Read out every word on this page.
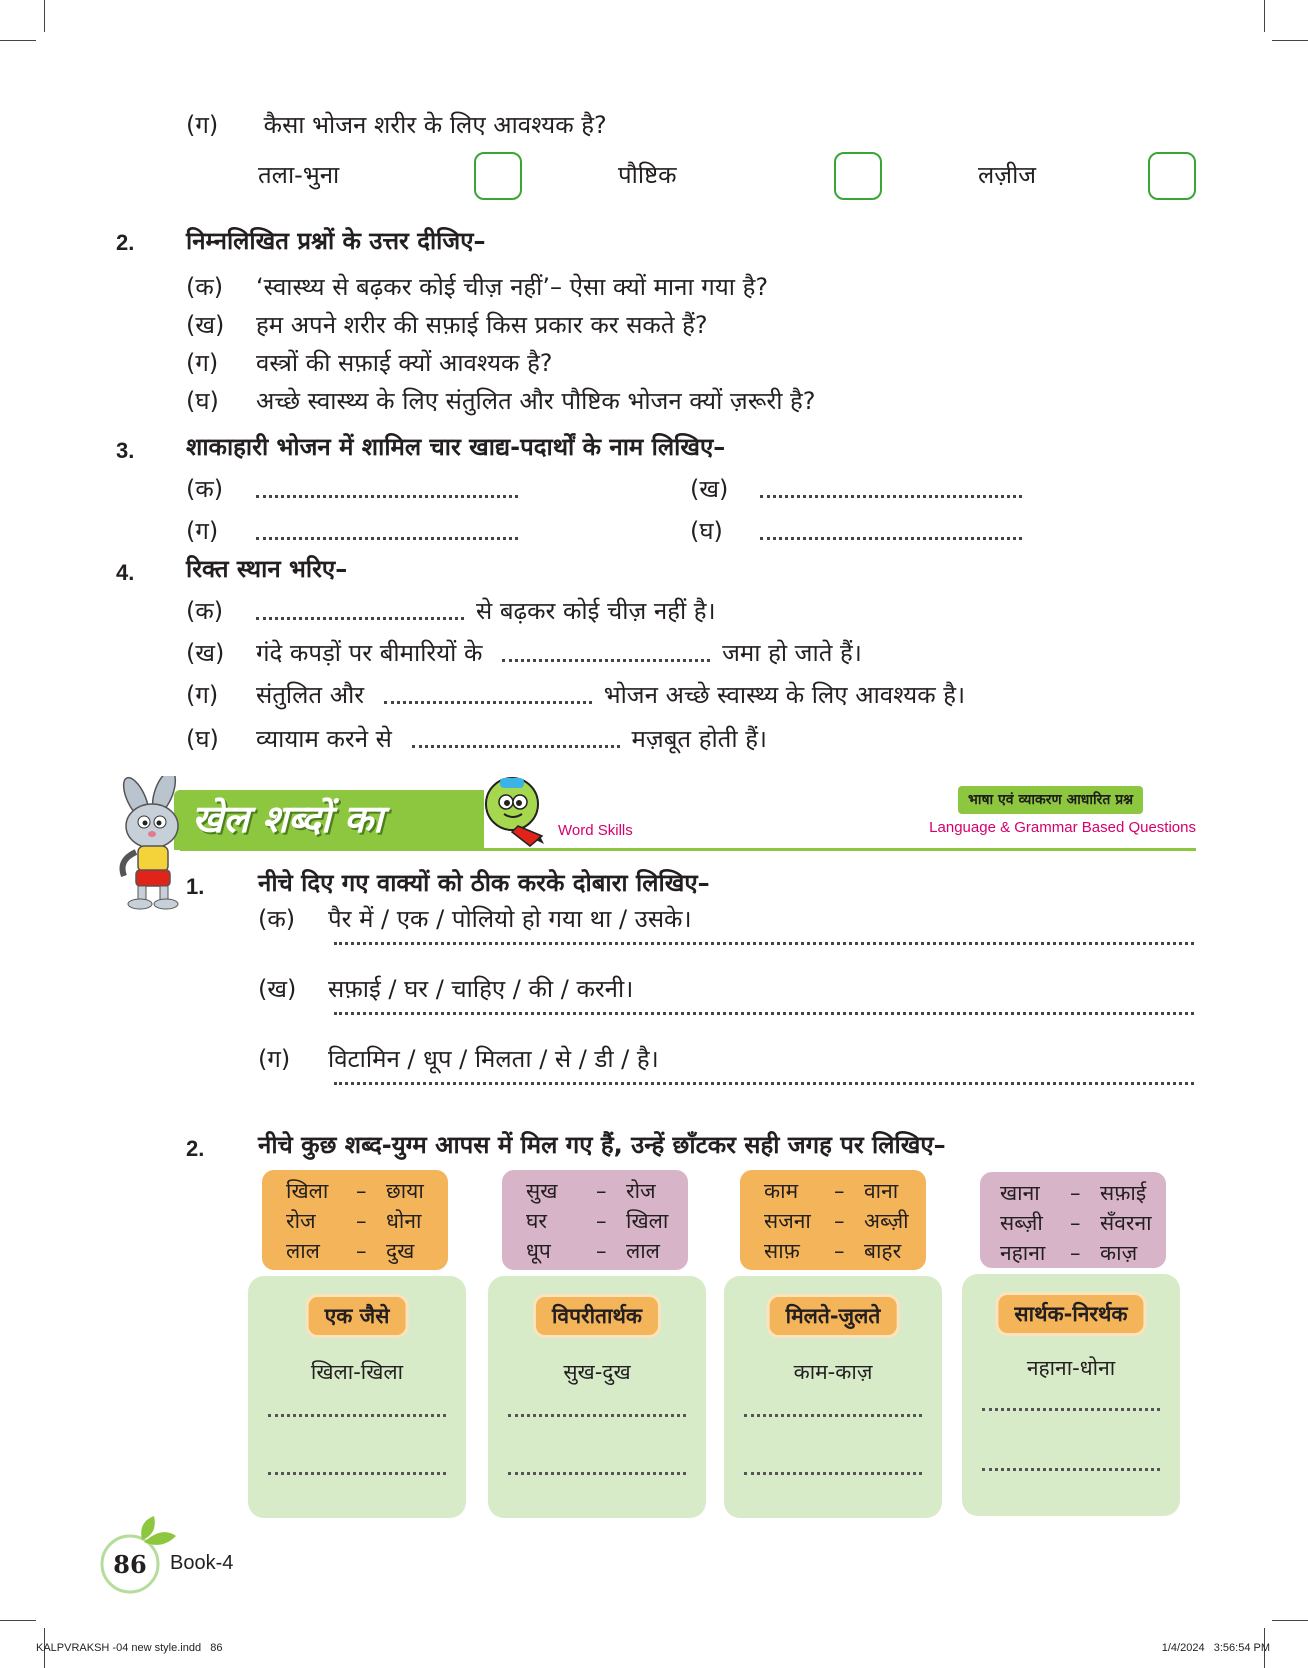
(ग) कैसा भोजन शरीर के लिए आवश्यक है?
तला-भुना	पौष्टिक	लज़ीज
2. निम्नलिखित प्रश्नों के उत्तर दीजिए–
(क) ‘स्वास्थ्य से बढ़कर कोई चीज़ नहीं’– ऐसा क्यों माना गया है?
(ख) हम अपने शरीर की सफ़ाई किस प्रकार कर सकते हैं?
(ग) वस्त्रों की सफ़ाई क्यों आवश्यक है?
(घ) अच्छे स्वास्थ्य के लिए संतुलित और पौष्टिक भोजन क्यों ज़रूरी है?
3. शाकाहारी भोजन में शामिल चार खाद्य-पदार्थों के नाम लिखिए–
(क)	(ख)
(ग)	(घ)
4. रिक्त स्थान भरिए–
(क)	से बढ़कर कोई चीज़ नहीं है।
(ख) गंदे कपड़ों पर बीमारियों के	जमा हो जाते हैं।
(ग) संतुलित और	भोजन अच्छे स्वास्थ्य के लिए आवश्यक है।
(घ) व्यायाम करने से	मज़बूत होती हैं।
खेल शब्दों का	Word Skills
भाषा एवं व्याकरण आधारित प्रश्न
Language & Grammar Based Questions
1. नीचे दिए गए वाक्यों को ठीक करके दोबारा लिखिए–
(क) पैर में / एक / पोलियो हो गया था / उसके।
(ख) सफ़ाई / घर / चाहिए / की / करनी।
(ग) विटामिन / धूप / मिलता / से / डी / है।
2. नीचे कुछ शब्द-युग्म आपस में मिल गए हैं, उन्हें छाँटकर सही जगह पर लिखिए–
खिला – छाया
रोज – धोना
लाल – दुख
सुख – रोज
घर – खिला
धूप – लाल
काम – वाना
सजना – अब्ज़ी
साफ़ – बाहर
खाना – सफ़ाई
सब्ज़ी – सँवरना
नहाना – काज़
एक जैसे
खिला-खिला
विपरीतार्थक
सुख-दुख
मिलते-जुलते
काम-काज़
सार्थक-निरर्थक
नहाना-धोना
86	Book-4
KALPVRAKSH -04 new style.indd   86	1/4/2024   3:56:54 PM
